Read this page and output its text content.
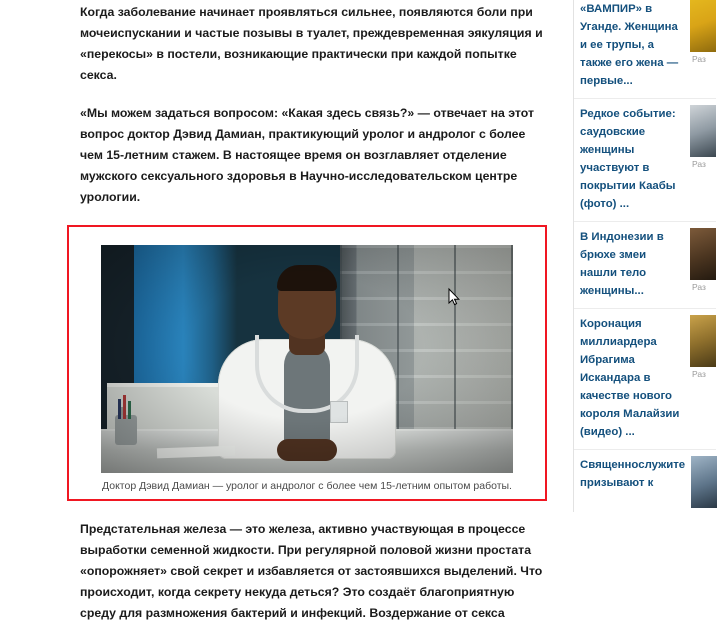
Когда заболевание начинает проявляться сильнее, появляются боли при мочеиспускании и частые позывы в туалет, преждевременная эякуляция и «перекосы» в постели, возникающие практически при каждой попытке секса.

«Мы можем задаться вопросом: «Какая здесь связь?» — отвечает на этот вопрос доктор Дэвид Дамиан, практикующий уролог и андролог с более чем 15-летним стажем. В настоящее время он возглавляет отделение мужского сексуального здоровья в Научно-исследовательском центре урологии.

Доктор Дэвид Дамиан — уролог и андролог с более чем 15-летним опытом работы.

Предстательная железа — это железа, активно участвующая в процессе выработки семенной жидкости. При регулярной половой жизни простата «опорожняет» свой секрет и избавляется от застоявшихся выделений. Что происходит, когда секрету некуда деться? Это создаёт благоприятную среду для размножения бактерий и инфекций. Воздержание от секса

«ВАМПИР» в Уганде. Женщина и ее трупы, а также его жена — первые...
Раз
Редкое событие: саудовские женщины участвуют в покрытии Каабы (фото) ...
Раз
В Индонезии в брюхе змеи нашли тело женщины...	Раз
Коронация миллиардера Ибрагима Искандара в качестве нового короля Малайзии (видео) ...
Раз
Священнослужите призывают к
